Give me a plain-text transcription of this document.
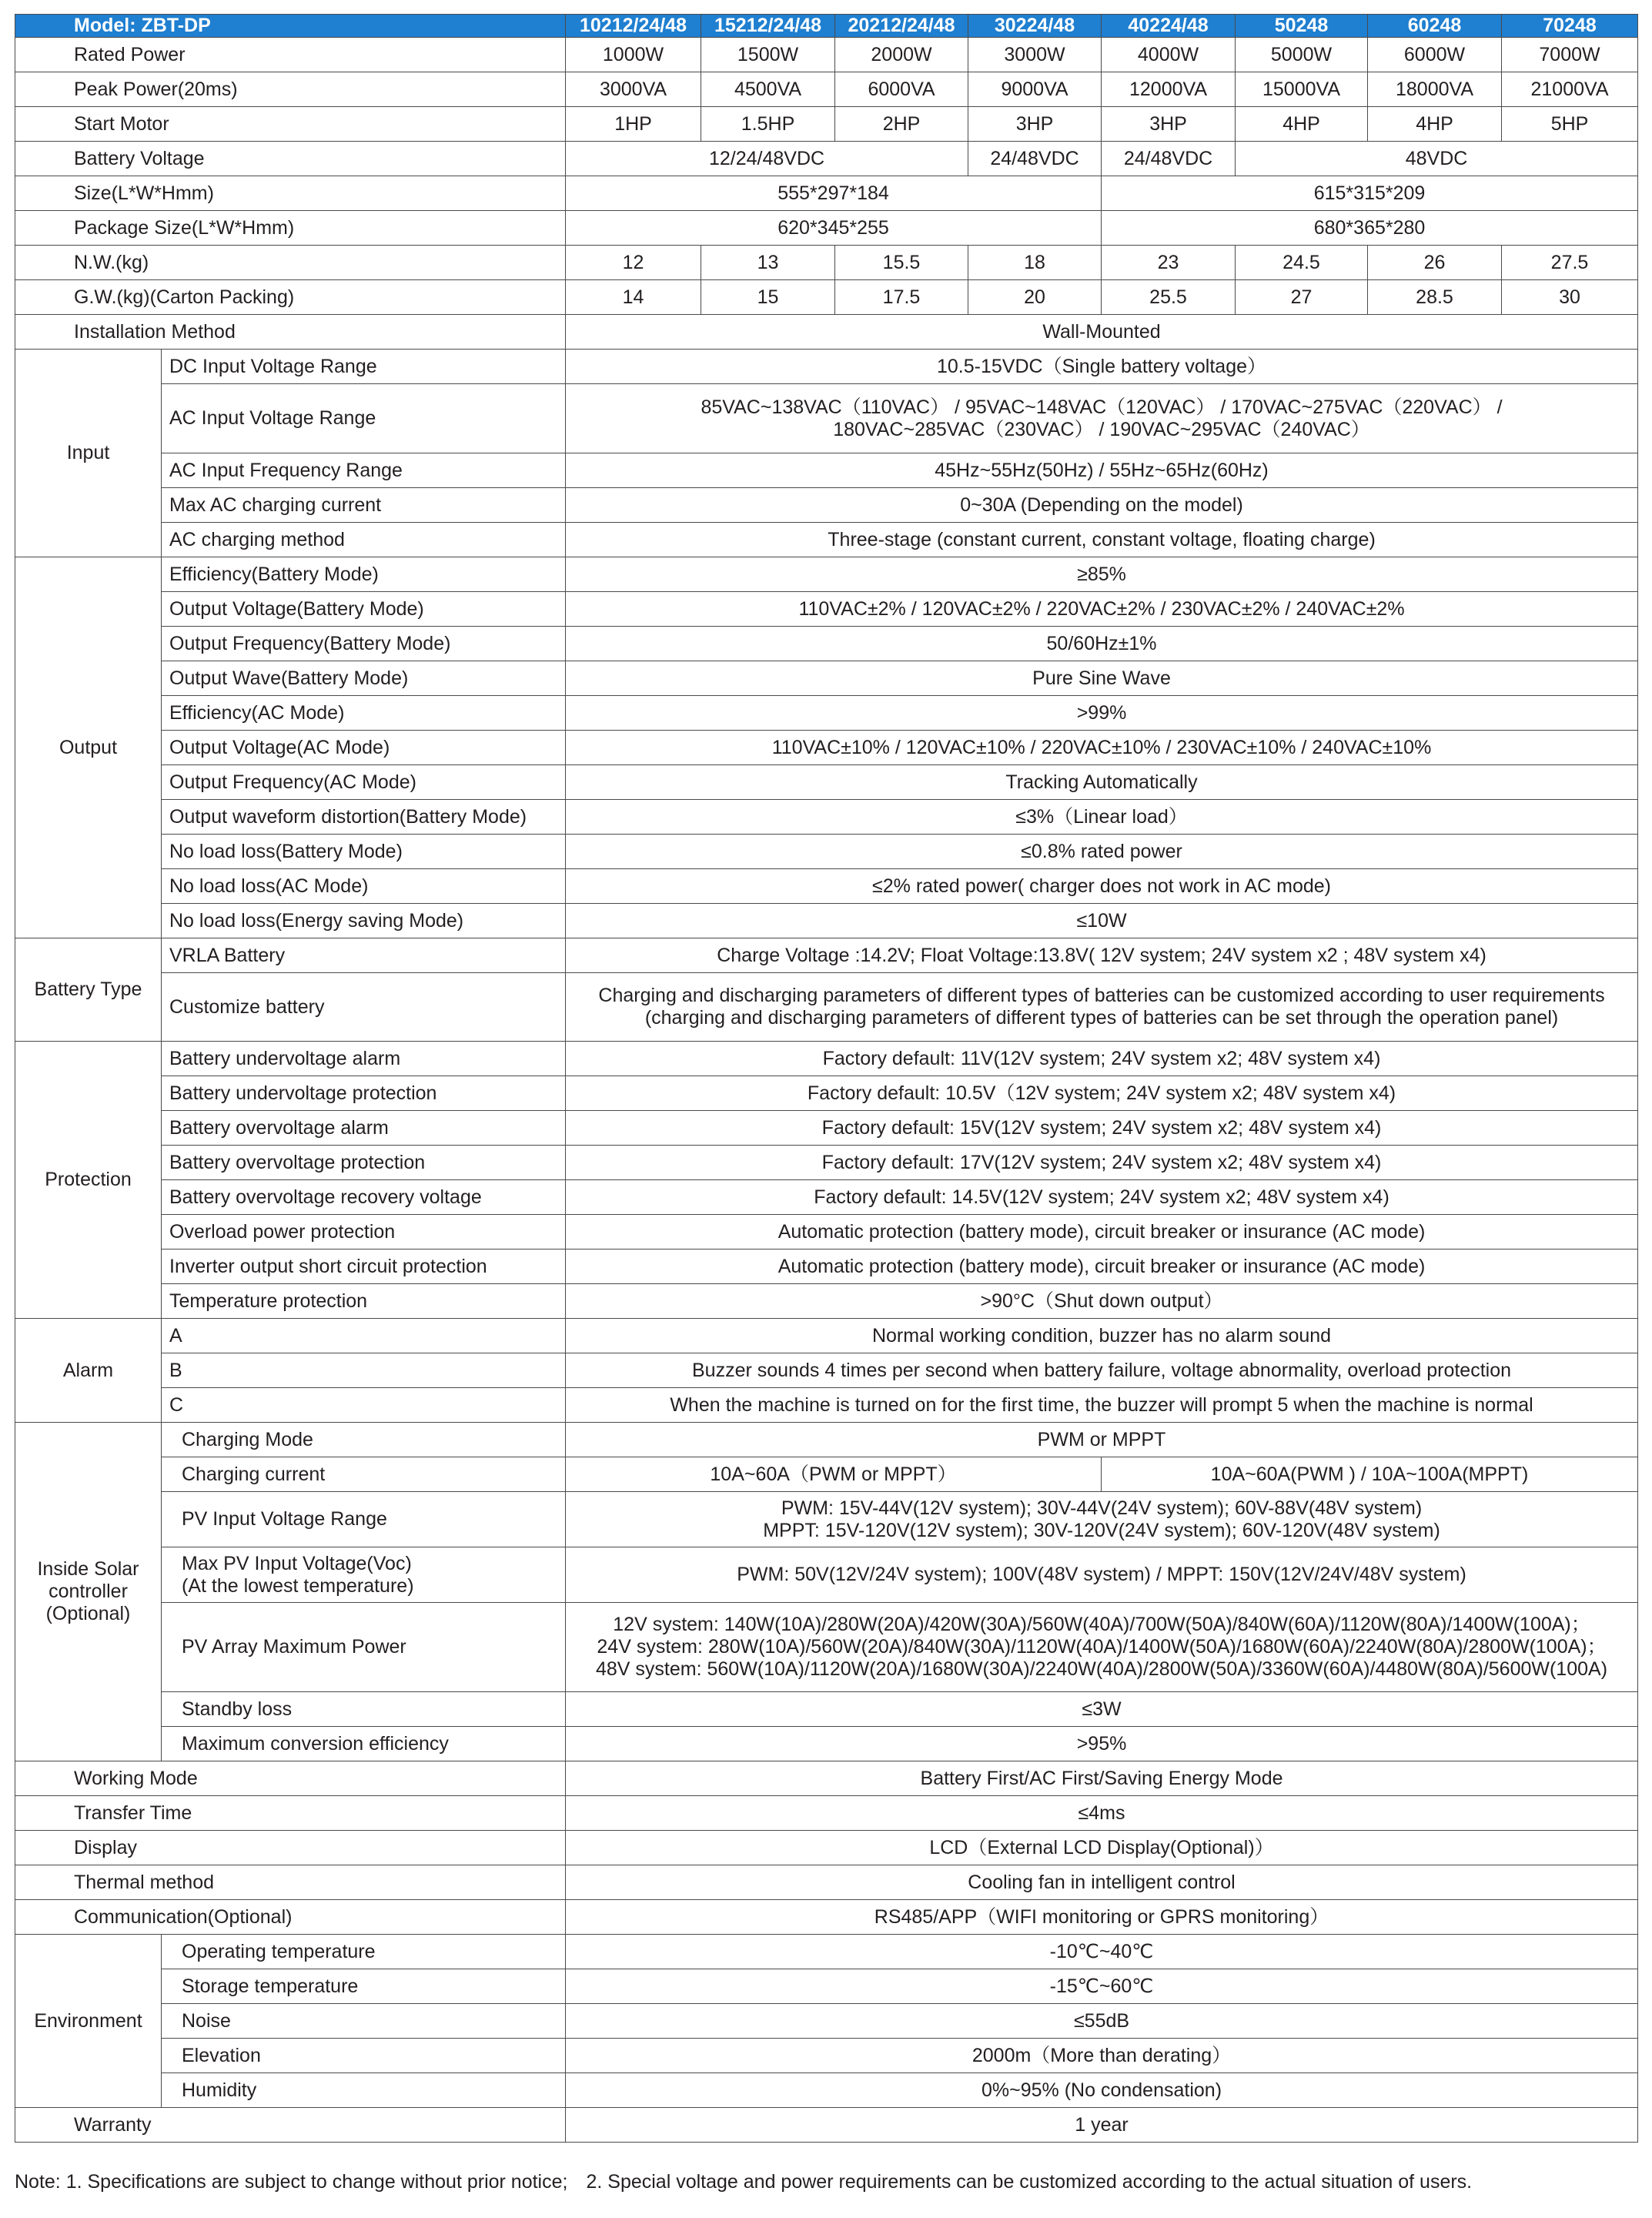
Model: ZBT-DP		10212/24/48	15212/24/48	20212/24/48	30224/48	40224/48	50248	60248	70248
Rated Power		1000W	1500W	2000W	3000W	4000W	5000W	6000W	7000W
Peak Power(20ms)		3000VA	4500VA	6000VA	9000VA	12000VA	15000VA	18000VA	21000VA
Start Motor		1HP	1.5HP	2HP	3HP	3HP	4HP	4HP	5HP
Battery Voltage		12/24/48VDC			24/48VDC	24/48VDC	48VDC		
Size(L*W*Hmm)		555*297*184				615*315*209			
Package Size(L*W*Hmm)		620*345*255				680*365*280			
N.W.(kg)		12	13	15.5	18	23	24.5	26	27.5
G.W.(kg)(Carton Packing)		14	15	17.5	20	25.5	27	28.5	30
Installation Method		Wall-Mounted							
Input	DC Input Voltage Range	10.5-15VDC（Single battery voltage）							
	AC Input Voltage Range	85VAC~138VAC（110VAC） / 95VAC~148VAC（120VAC） / 170VAC~275VAC（220VAC） /
180VAC~285VAC（230VAC） / 190VAC~295VAC（240VAC）							
	AC Input Frequency Range	45Hz~55Hz(50Hz) / 55Hz~65Hz(60Hz)							
	Max AC charging current	0~30A (Depending on the model)							
	AC charging method	Three-stage (constant current, constant voltage, floating charge)							
Output	Efficiency(Battery Mode)	≥85%							
	Output Voltage(Battery Mode)	110VAC±2% / 120VAC±2% / 220VAC±2% / 230VAC±2% / 240VAC±2%							
	Output Frequency(Battery Mode)	50/60Hz±1%							
	Output Wave(Battery Mode)	Pure Sine Wave							
	Efficiency(AC Mode)	>99%							
	Output Voltage(AC Mode)	110VAC±10% / 120VAC±10% / 220VAC±10% / 230VAC±10% / 240VAC±10%							
	Output Frequency(AC Mode)	Tracking Automatically							
	Output waveform distortion(Battery Mode)	≤3%（Linear load）							
	No load loss(Battery Mode)	≤0.8% rated power							
	No load loss(AC Mode)	≤2% rated power( charger does not work in AC mode)							
	No load loss(Energy saving Mode)	≤10W							
Battery Type	VRLA Battery	Charge Voltage :14.2V; Float Voltage:13.8V( 12V system; 24V system x2 ; 48V system x4)							
	Customize battery	Charging and discharging parameters of different types of batteries can be customized according to user requirements
(charging and discharging parameters of different types of batteries can be set through the operation panel)							
Protection	Battery undervoltage alarm	Factory default: 11V(12V system; 24V system x2; 48V system x4)							
	Battery undervoltage protection	Factory default: 10.5V（12V system; 24V system x2; 48V system x4)							
	Battery overvoltage alarm	Factory default: 15V(12V system; 24V system x2; 48V system x4)							
	Battery overvoltage protection	Factory default: 17V(12V system; 24V system x2; 48V system x4)							
	Battery overvoltage recovery voltage	Factory default: 14.5V(12V system; 24V system x2; 48V system x4)							
	Overload power protection	Automatic protection (battery mode), circuit breaker or insurance (AC mode)							
	Inverter output short circuit protection	Automatic protection (battery mode), circuit breaker or insurance (AC mode)							
	Temperature protection	>90°C（Shut down output）							
Alarm	A	Normal working condition, buzzer has no alarm sound							
	B	Buzzer sounds 4 times per second when battery failure, voltage abnormality, overload protection							
	C	When the machine is turned on for the first time, the buzzer will prompt 5 when the machine is normal							
Inside Solar
controller
(Optional)	Charging Mode	PWM or MPPT							
	Charging current	10A~60A（PWM or MPPT）				10A~60A(PWM ) / 10A~100A(MPPT)			
	PV Input Voltage Range	PWM: 15V-44V(12V system); 30V-44V(24V system); 60V-88V(48V system)
MPPT: 15V-120V(12V system); 30V-120V(24V system); 60V-120V(48V system)							
	Max PV Input Voltage(Voc)
(At the lowest temperature)	PWM: 50V(12V/24V system); 100V(48V system) / MPPT: 150V(12V/24V/48V system)							
	PV Array Maximum Power	12V system: 140W(10A)/280W(20A)/420W(30A)/560W(40A)/700W(50A)/840W(60A)/1120W(80A)/1400W(100A)；
24V system: 280W(10A)/560W(20A)/840W(30A)/1120W(40A)/1400W(50A)/1680W(60A)/2240W(80A)/2800W(100A)；
48V system: 560W(10A)/1120W(20A)/1680W(30A)/2240W(40A)/2800W(50A)/3360W(60A)/4480W(80A)/5600W(100A)							
	Standby loss	≤3W							
	Maximum conversion efficiency	>95%							
Working Mode		Battery First/AC First/Saving Energy Mode							
Transfer Time		≤4ms							
Display		LCD（External LCD Display(Optional)）							
Thermal method		Cooling fan in intelligent control							
Communication(Optional)		RS485/APP（WIFI monitoring or GPRS monitoring）							
Environment	Operating temperature	-10℃~40℃							
	Storage temperature	-15℃~60℃							
	Noise	≤55dB							
	Elevation	2000m（More than derating）							
	Humidity	0%~95% (No condensation)							
Warranty		1 year							
Note: 1. Specifications are subject to change without prior notice; 2. Special voltage and power requirements can be customized according to the actual situation of users.
